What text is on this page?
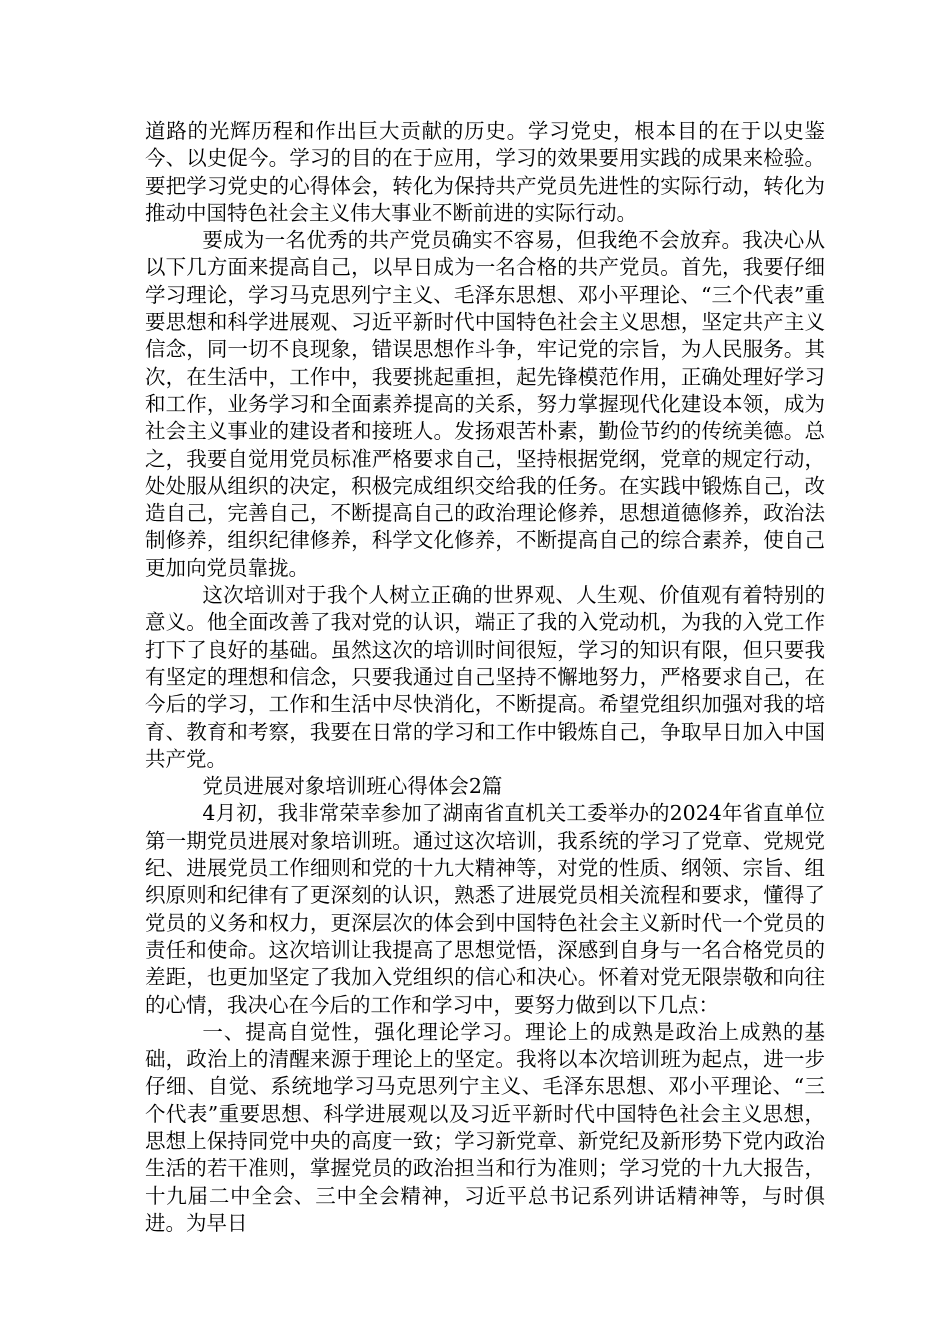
道路的光辉历程和作出巨大贡献的历史。学习党史，根本目的在于以史鉴今、以史促今。学习的目的在于应用，学习的效果要用实践的成果来检验。要把学习党史的心得体会，转化为保持共产党员先进性的实际行动，转化为推动中国特色社会主义伟大事业不断前进的实际行动。

要成为一名优秀的共产党员确实不容易，但我绝不会放弃。我决心从以下几方面来提高自己，以早日成为一名合格的共产党员。首先，我要仔细学习理论，学习马克思列宁主义、毛泽东思想、邓小平理论、“三个代表”重要思想和科学进展观、习近平新时代中国特色社会主义思想，坚定共产主义信念，同一切不良现象，错误思想作斗争，牢记党的宗旨，为人民服务。其次，在生活中，工作中，我要挑起重担，起先锋模范作用，正确处理好学习和工作，业务学习和全面素养提高的关系，努力掌握现代化建设本领，成为社会主义事业的建设者和接班人。发扬艰苦朴素，勤俭节约的传统美德。总之，我要自觉用党员标准严格要求自己，坚持根据党纲，党章的规定行动，处处服从组织的决定，积极完成组织交给我的任务。在实践中锻炼自己，改造自己，完善自己，不断提高自己的政治理论修养，思想道德修养，政治法制修养，组织纪律修养，科学文化修养，不断提高自己的综合素养，使自己更加向党员靠拢。

这次培训对于我个人树立正确的世界观、人生观、价值观有着特别的意义。他全面改善了我对党的认识，端正了我的入党动机，为我的入党工作打下了良好的基础。虽然这次的培训时间很短，学习的知识有限，但只要我有坚定的理想和信念，只要我通过自己坚持不懈地努力，严格要求自己，在今后的学习，工作和生活中尽快消化，不断提高。希望党组织加强对我的培育、教育和考察，我要在日常的学习和工作中锻炼自己，争取早日加入中国共产党。

党员进展对象培训班心得体会2篇

4月初，我非常荣幸参加了湖南省直机关工委举办的2024年省直单位第一期党员进展对象培训班。通过这次培训，我系统的学习了党章、党规党纪、进展党员工作细则和党的十九大精神等，对党的性质、纲领、宗旨、组织原则和纪律有了更深刻的认识，熟悉了进展党员相关流程和要求，懂得了党员的义务和权力，更深层次的体会到中国特色社会主义新时代一个党员的责任和使命。这次培训让我提高了思想觉悟，深感到自身与一名合格党员的差距，也更加坚定了我加入党组织的信心和决心。怀着对党无限崇敬和向往的心情，我决心在今后的工作和学习中，要努力做到以下几点：

一、提高自觉性，强化理论学习。理论上的成熟是政治上成熟的基础，政治上的清醒来源于理论上的坚定。我将以本次培训班为起点，进一步仔细、自觉、系统地学习马克思列宁主义、毛泽东思想、邓小平理论、“三个代表”重要思想、科学进展观以及习近平新时代中国特色社会主义思想，思想上保持同党中央的高度一致；学习新党章、新党纪及新形势下党内政治生活的若干准则，掌握党员的政治担当和行为准则；学习党的十九大报告，十九届二中全会、三中全会精神，习近平总书记系列讲话精神等，与时俱进。为早日
